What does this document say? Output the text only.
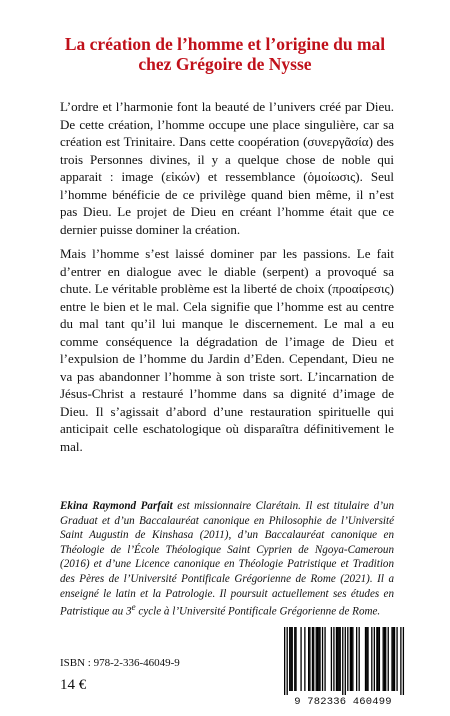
La création de l’homme et l’origine du mal
chez Grégoire de Nysse

L’ordre et l’harmonie font la beauté de l’univers créé par Dieu. De cette création, l’homme occupe une place singulière, car sa création est Trinitaire. Dans cette coopération (συνεργᾶσία) des trois Personnes divines, il y a quelque chose de noble qui apparait : image (εἰκών) et ressemblance (ὁμοίωσις). Seul l’homme bénéficie de ce privilège quand bien même, il n’est pas Dieu. Le projet de Dieu en créant l’homme était que ce dernier puisse dominer la création.

Mais l’homme s’est laissé dominer par les passions. Le fait d’entrer en dialogue avec le diable (serpent) a provoqué sa chute. Le véritable problème est la liberté de choix (προαίρεσις) entre le bien et le mal. Cela signifie que l’homme est au centre du mal tant qu’il lui manque le discernement. Le mal a eu comme conséquence la dégradation de l’image de Dieu et l’expulsion de l’homme du Jardin d’Eden. Cependant, Dieu ne va pas abandonner l’homme à son triste sort. L’incarnation de Jésus-Christ a restauré l’homme dans sa dignité d’image de Dieu. Il s’agissait d’abord d’une restauration spirituelle qui anticipait celle eschatologique où disparaîtra définitivement le mal.

Ekina Raymond Parfait est missionnaire Clarétain. Il est titulaire d’un Graduat et d’un Baccalauréat canonique en Philosophie de l’Université Saint Augustin de Kinshasa (2011), d’un Baccalauréat canonique en Théologie de l’École Théologique Saint Cyprien de Ngoya-Cameroun (2016) et d’une Licence canonique en Théologie Patristique et Tradition des Pères de l’Université Pontificale Grégorienne de Rome (2021). Il a enseigné le latin et la Patrologie. Il poursuit actuellement ses études en Patristique au 3e cycle à l’Université Pontificale Grégorienne de Rome.

ISBN : 978-2-336-46049-9
14 €
9 782336 460499
